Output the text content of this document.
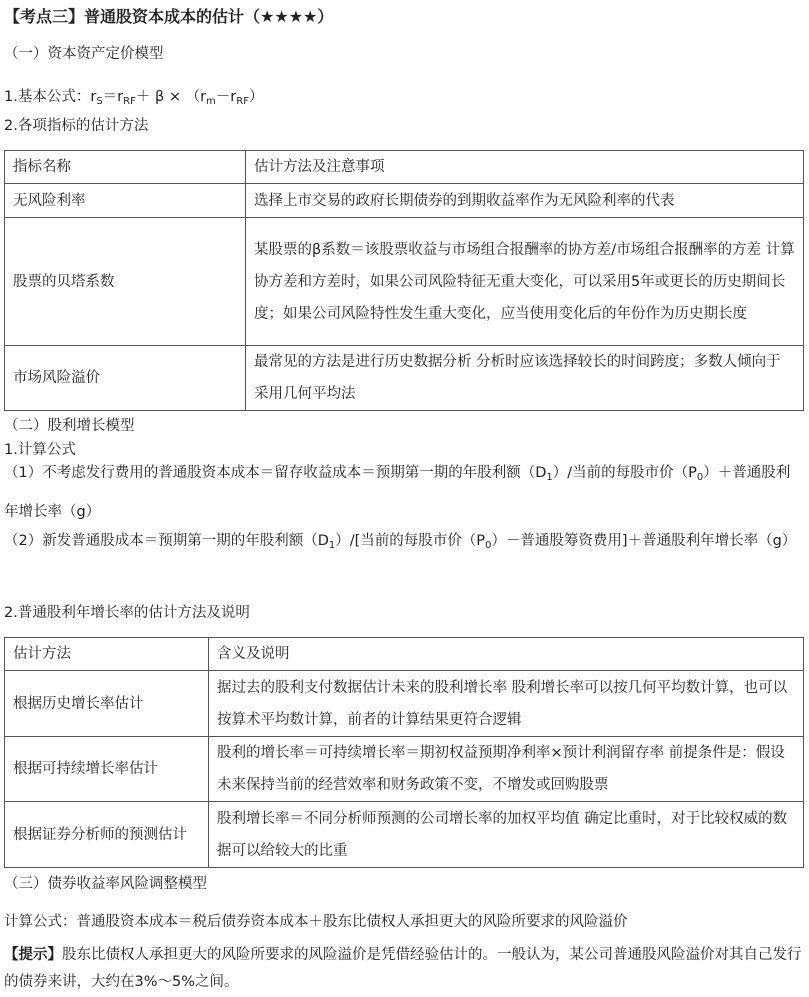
【考点三】普通股资本成本的估计（★★★★）
（一）资本资产定价模型
1.基本公式：$r_S=r_{RF}+ \beta \times (r_m-r_{RF})$
2.各项指标的估计方法
指标名称	估计方法及注意事项
无风险利率	选择上市交易的政府长期债券的到期收益率作为无风险利率的代表
股票的贝塔系数	某股票的β系数＝该股票收益与市场组合报酬率的协方差/市场组合报酬率的方差 计算协方差和方差时，如果公司风险特征无重大变化，可以采用5年或更长的历史期间长度；如果公司风险特性发生重大变化，应当使用变化后的年份作为历史期长度
市场风险溢价	最常见的方法是进行历史数据分析 分析时应该选择较长的时间跨度；多数人倾向于采用几何平均法
（二）股利增长模型
1.计算公式
（1）不考虑发行费用的普通股资本成本＝留存收益成本＝预期第一期的年股利额$(D_1)/$当前的每股市价$(P_0)+$普通股利年增长率（g）
（2）新发普通股成本＝预期第一期的年股利额$(D_1)/$[当前的每股市价$(P_0)-$普通股筹资费用]＋普通股利年增长率（g）
2.普通股利年增长率的估计方法及说明
估计方法	含义及说明
根据历史增长率估计	据过去的股利支付数据估计未来的股利增长率 股利增长率可以按几何平均数计算，也可以按算术平均数计算，前者的计算结果更符合逻辑
根据可持续增长率估计	股利的增长率＝可持续增长率＝期初权益预期净利率×预计利润留存率 前提条件是：假设未来保持当前的经营效率和财务政策不变，不增发或回购股票
根据证券分析师的预测估计	股利增长率＝不同分析师预测的公司增长率的加权平均值 确定比重时，对于比较权威的数据可以给较大的比重
（三）债券收益率风险调整模型
计算公式：普通股资本成本＝税后债券资本成本＋股东比债权人承担更大的风险所要求的风险溢价
【提示】股东比债权人承担更大的风险所要求的风险溢价是凭借经验估计的。一般认为，某公司普通股风险溢价对其自己发行的债券来讲，大约在3%～5%之间。
